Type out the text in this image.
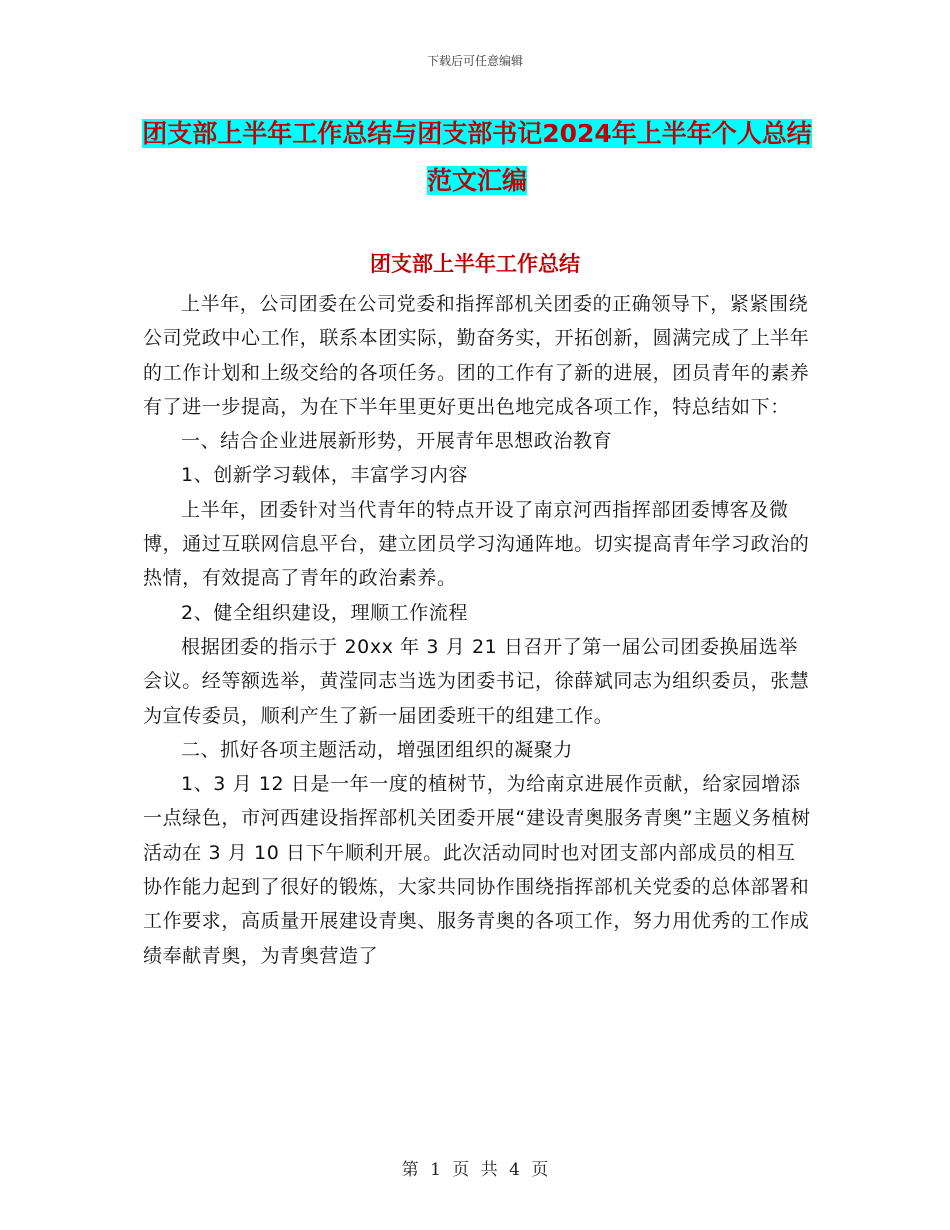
下载后可任意编辑
团支部上半年工作总结与团支部书记2024年上半年个人总结范文汇编
团支部上半年工作总结

上半年，公司团委在公司党委和指挥部机关团委的正确领导下，紧紧围绕公司党政中心工作，联系本团实际，勤奋务实，开拓创新，圆满完成了上半年的工作计划和上级交给的各项任务。团的工作有了新的进展，团员青年的素养有了进一步提高，为在下半年里更好更出色地完成各项工作，特总结如下：

一、结合企业进展新形势，开展青年思想政治教育

1、创新学习载体，丰富学习内容

上半年，团委针对当代青年的特点开设了南京河西指挥部团委博客及微博，通过互联网信息平台，建立团员学习沟通阵地。切实提高青年学习政治的热情，有效提高了青年的政治素养。

2、健全组织建设，理顺工作流程

根据团委的指示于 20xx 年 3 月 21 日召开了第一届公司团委换届选举会议。经等额选举，黄滢同志当选为团委书记，徐薛斌同志为组织委员，张慧为宣传委员，顺利产生了新一届团委班干的组建工作。

二、抓好各项主题活动，增强团组织的凝聚力

1、3 月 12 日是一年一度的植树节，为给南京进展作贡献，给家园增添一点绿色，市河西建设指挥部机关团委开展“建设青奥服务青奥”主题义务植树活动在 3 月 10 日下午顺利开展。此次活动同时也对团支部内部成员的相互协作能力起到了很好的锻炼，大家共同协作围绕指挥部机关党委的总体部署和工作要求，高质量开展建设青奥、服务青奥的各项工作，努力用优秀的工作成绩奉献青奥，为青奥营造了

第 1 页 共 4 页
